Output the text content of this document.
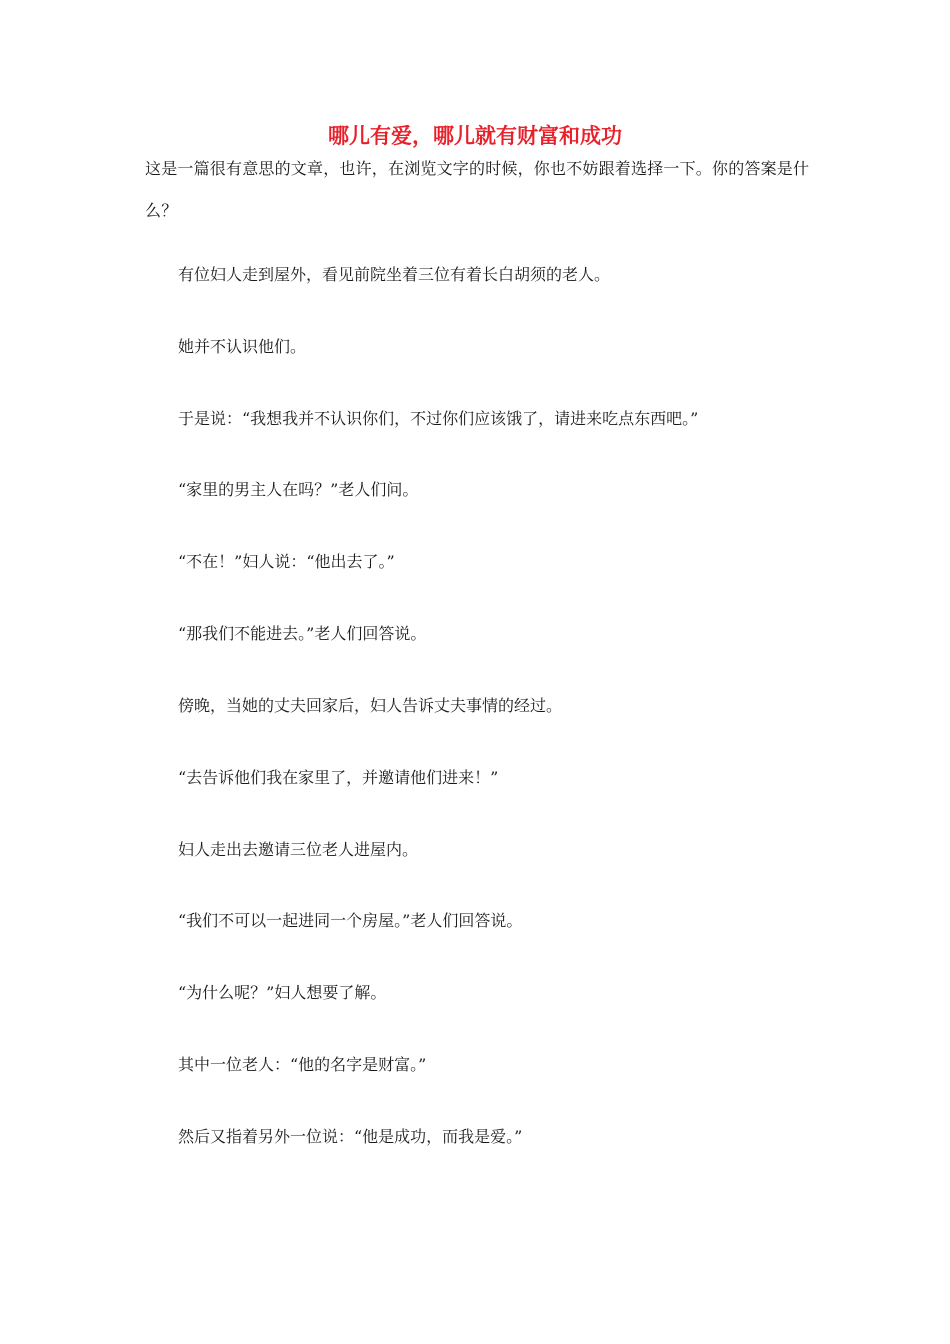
哪儿有爱，哪儿就有财富和成功

这是一篇很有意思的文章，也许，在浏览文字的时候，你也不妨跟着选择一下。你的答案是什么？

有位妇人走到屋外，看见前院坐着三位有着长白胡须的老人。

她并不认识他们。

于是说：“我想我并不认识你们，不过你们应该饿了，请进来吃点东西吧。”

“家里的男主人在吗？”老人们问。

“不在！”妇人说：“他出去了。”

“那我们不能进去。”老人们回答说。

傍晚，当她的丈夫回家后，妇人告诉丈夫事情的经过。

“去告诉他们我在家里了，并邀请他们进来！”

妇人走出去邀请三位老人进屋内。

“我们不可以一起进同一个房屋。”老人们回答说。

“为什么呢？”妇人想要了解。

其中一位老人：“他的名字是财富。”

然后又指着另外一位说：“他是成功，而我是爱。”
